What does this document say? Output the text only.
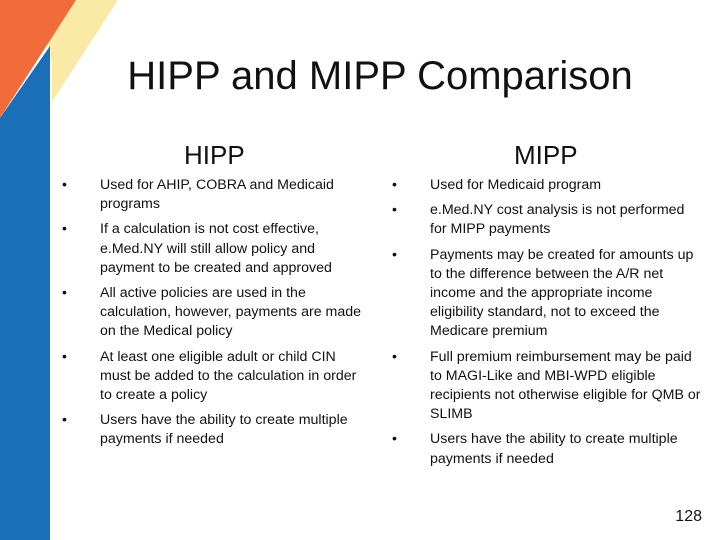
HIPP and MIPP Comparison
HIPP	MIPP
• Used for AHIP, COBRA and Medicaid programs
• If a calculation is not cost effective, e.Med.NY will still allow policy and payment to be created and approved
• All active policies are used in the calculation, however, payments are made on the Medical policy
• At least one eligible adult or child CIN must be added to the calculation in order to create a policy
• Users have the ability to create multiple payments if needed
• Used for Medicaid program
• e.Med.NY cost analysis is not performed for MIPP payments
• Payments may be created for amounts up to the difference between the A/R net income and the appropriate income eligibility standard, not to exceed the Medicare premium
• Full premium reimbursement may be paid to MAGI-Like and MBI-WPD eligible recipients not otherwise eligible for QMB or SLIMB
• Users have the ability to create multiple payments if needed
128
